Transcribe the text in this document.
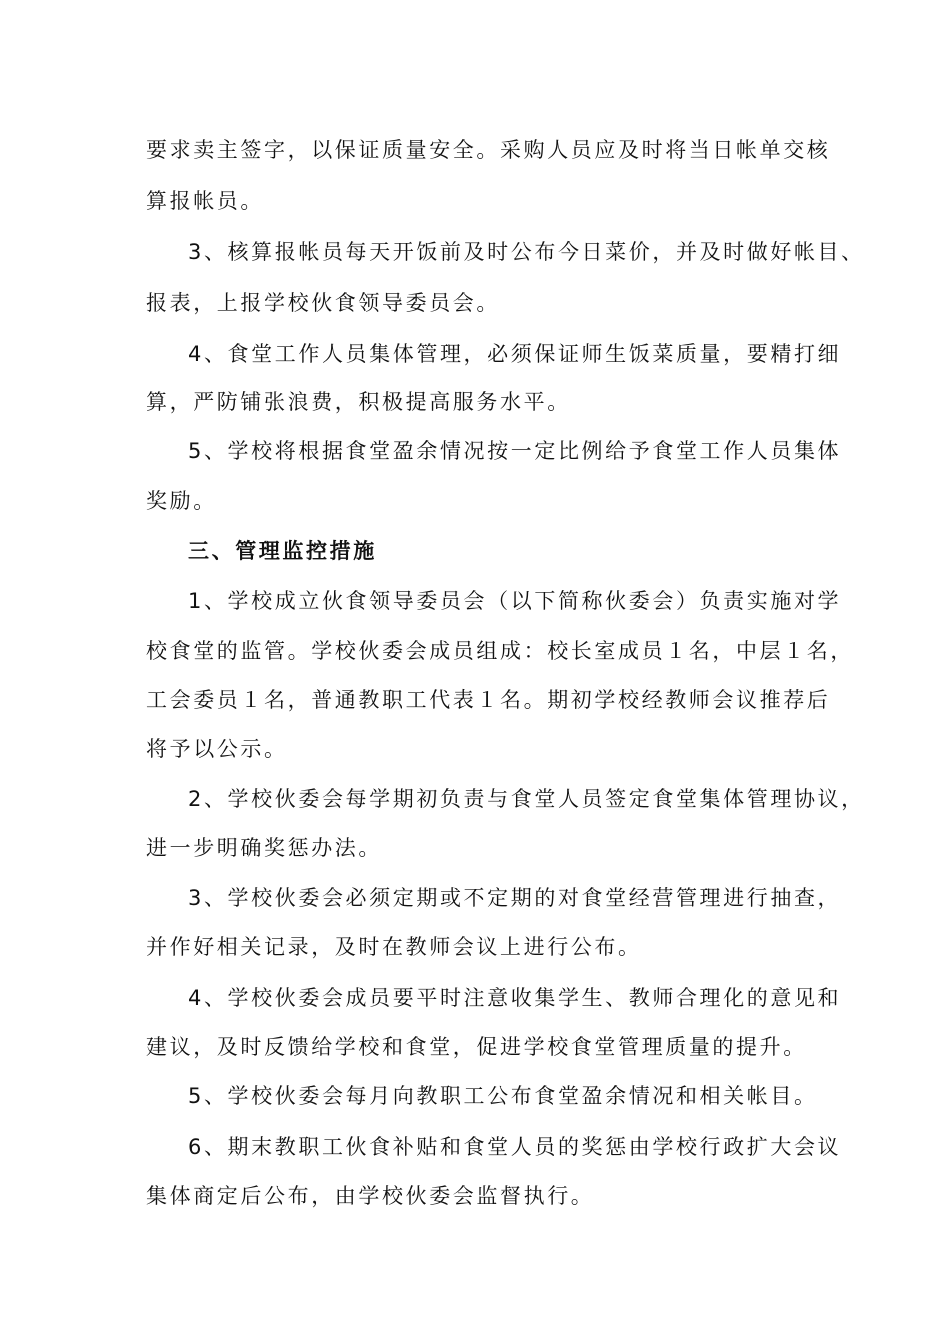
要求卖主签字，以保证质量安全。采购人员应及时将当日帐单交核
算报帐员。
3、核算报帐员每天开饭前及时公布今日菜价，并及时做好帐目、
报表，上报学校伙食领导委员会。
4、食堂工作人员集体管理，必须保证师生饭菜质量，要精打细
算，严防铺张浪费，积极提高服务水平。
5、学校将根据食堂盈余情况按一定比例给予食堂工作人员集体
奖励。
三、管理监控措施
1、学校成立伙食领导委员会（以下简称伙委会）负责实施对学
校食堂的监管。学校伙委会成员组成：校长室成员１名，中层１名，
工会委员１名，普通教职工代表１名。期初学校经教师会议推荐后
将予以公示。
2、学校伙委会每学期初负责与食堂人员签定食堂集体管理协议，
进一步明确奖惩办法。
3、学校伙委会必须定期或不定期的对食堂经营管理进行抽查，
并作好相关记录，及时在教师会议上进行公布。
4、学校伙委会成员要平时注意收集学生、教师合理化的意见和
建议，及时反馈给学校和食堂，促进学校食堂管理质量的提升。
5、学校伙委会每月向教职工公布食堂盈余情况和相关帐目。
6、期末教职工伙食补贴和食堂人员的奖惩由学校行政扩大会议
集体商定后公布，由学校伙委会监督执行。
